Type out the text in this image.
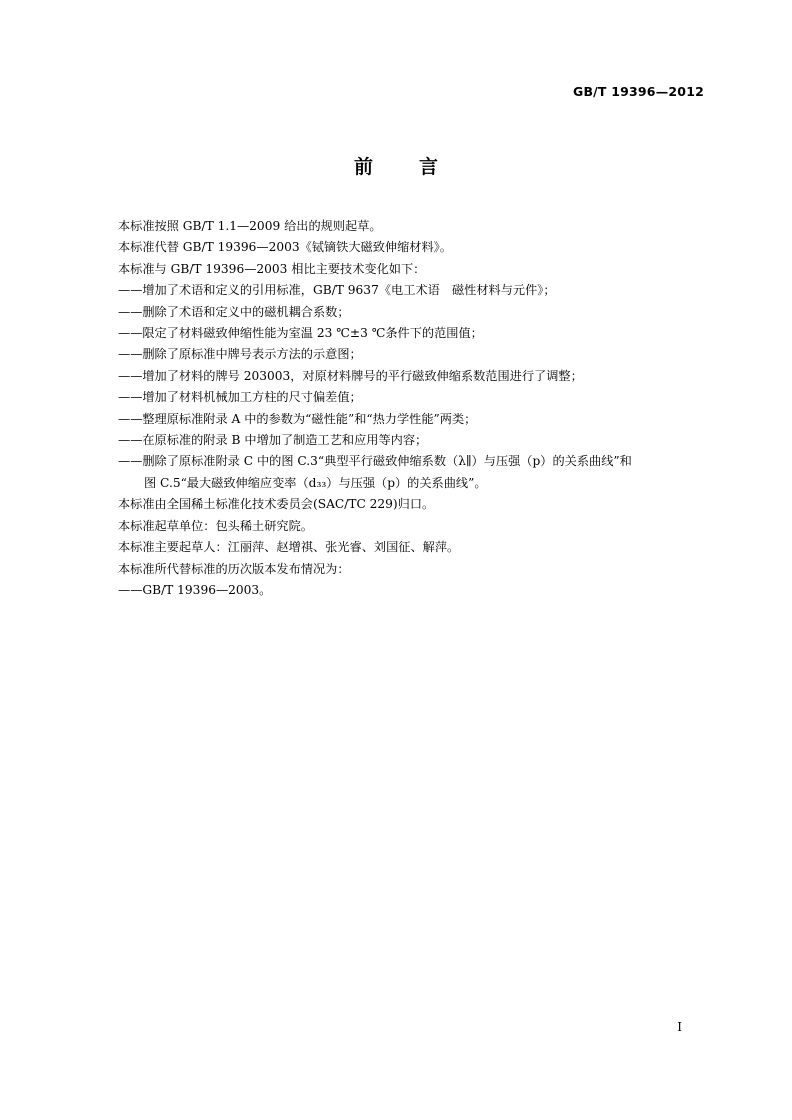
GB/T 19396—2012
前言
本标准按照 GB/T 1.1—2009 给出的规则起草。
本标准代替 GB/T 19396—2003《铽镝铁大磁致伸缩材料》。
本标准与 GB/T 19396—2003 相比主要技术变化如下：
——增加了术语和定义的引用标准，GB/T 9637《电工术语　磁性材料与元件》；
——删除了术语和定义中的磁机耦合系数；
——限定了材料磁致伸缩性能为室温 23 ℃±3 ℃条件下的范围值；
——删除了原标准中牌号表示方法的示意图；
——增加了材料的牌号 203003，对原材料牌号的平行磁致伸缩系数范围进行了调整；
——增加了材料机械加工方柱的尺寸偏差值；
——整理原标准附录 A 中的参数为“磁性能”和“热力学性能”两类；
——在原标准的附录 B 中增加了制造工艺和应用等内容；
——删除了原标准附录 C 中的图 C.3“典型平行磁致伸缩系数（λ∥）与压强（p）的关系曲线”和
图 C.5“最大磁致伸缩应变率（d₃₃）与压强（p）的关系曲线”。
本标准由全国稀土标准化技术委员会(SAC/TC 229)归口。
本标准起草单位：包头稀土研究院。
本标准主要起草人：江丽萍、赵增祺、张光睿、刘国征、解萍。
本标准所代替标准的历次版本发布情况为：
——GB/T 19396—2003。
I
